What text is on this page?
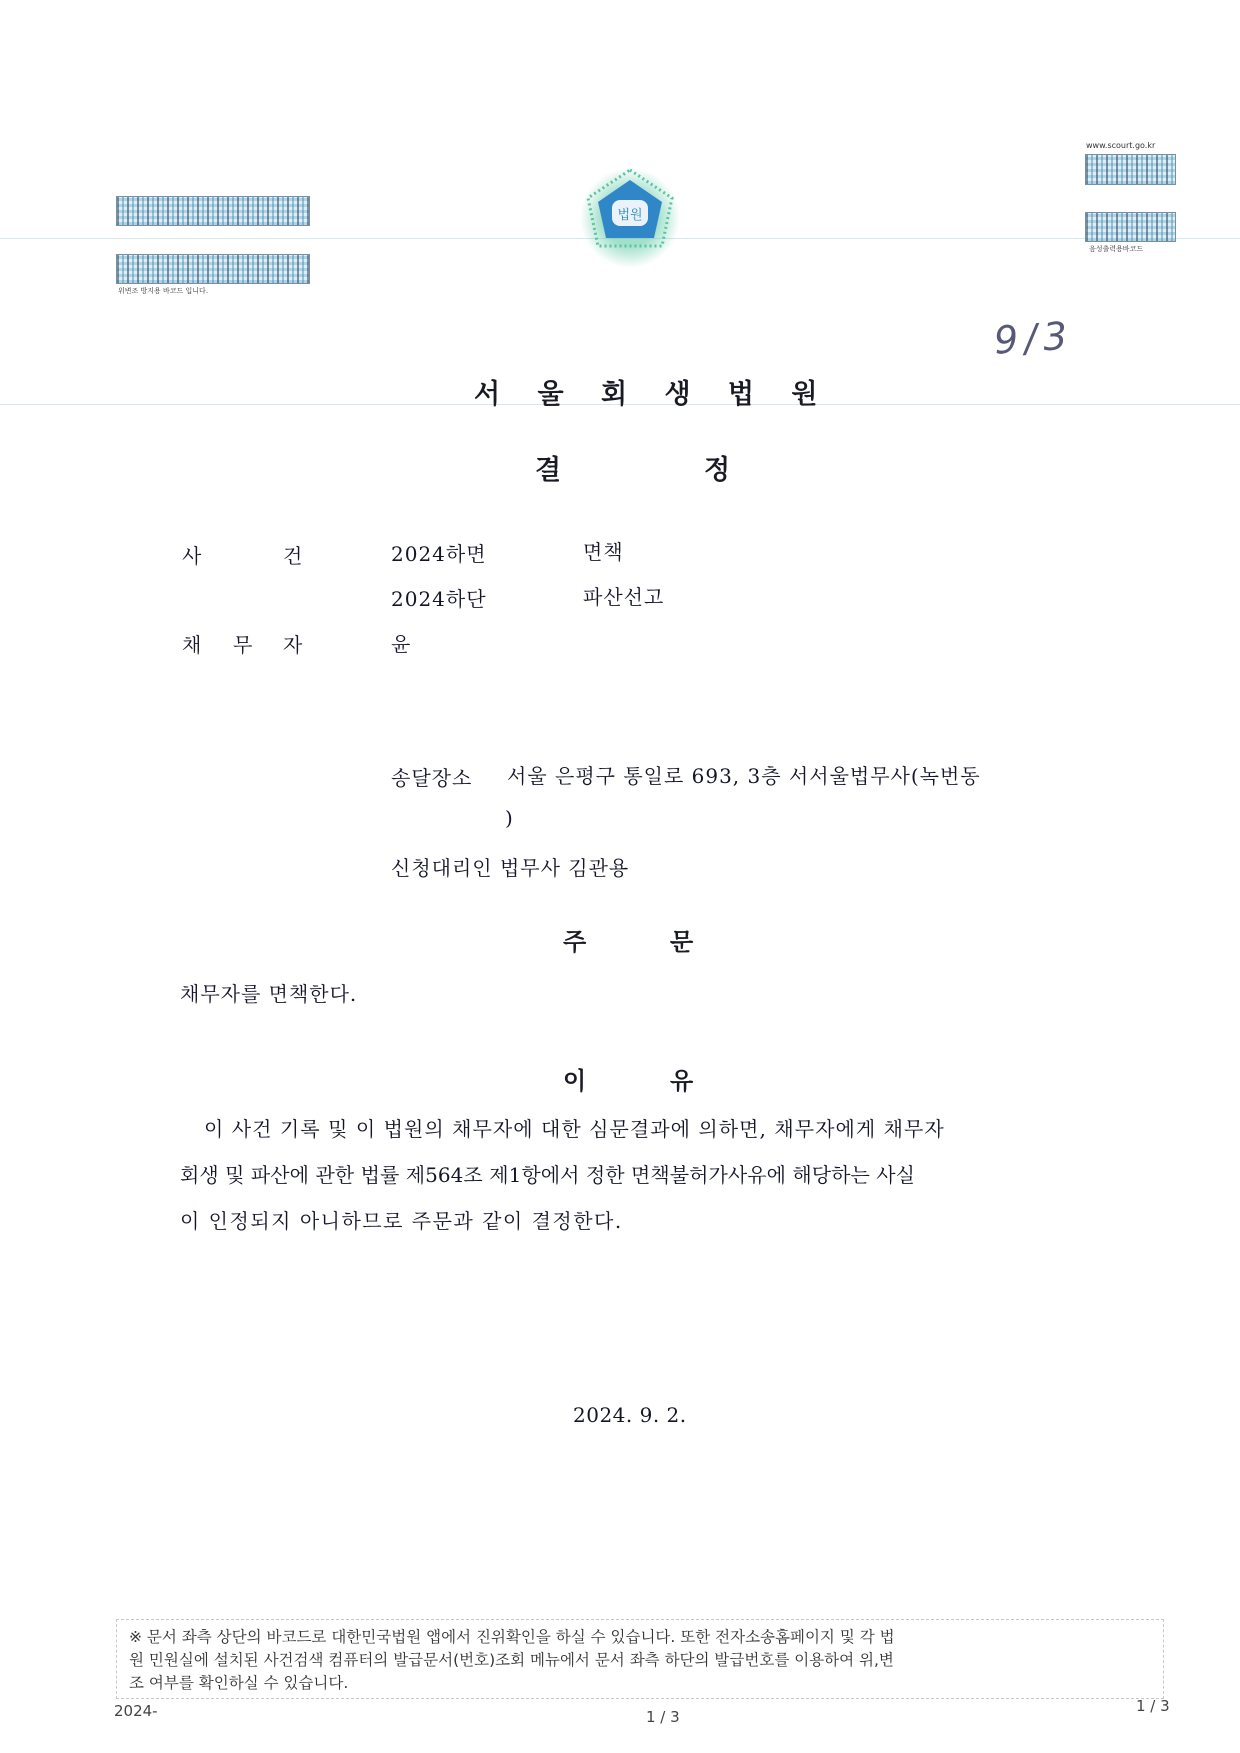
위변조 방지용 바코드 입니다.
www.scourt.go.kr
음성출력용바코드
법원
9/3
서 울 회 생 법 원
결	정
사	건	2024하면	면책
2024하단	파산선고
채 무 자	윤
송달장소 서울 은평구 통일로 693, 3층 서서울법무사(녹번동
)
신청대리인 법무사 김관용
주	문
채무자를 면책한다.
이	유
이 사건 기록 및 이 법원의 채무자에 대한 심문결과에 의하면, 채무자에게 채무자
회생 및 파산에 관한 법률 제564조 제1항에서 정한 면책불허가사유에 해당하는 사실
이 인정되지 아니하므로 주문과 같이 결정한다.
2024. 9. 2.
※ 문서 좌측 상단의 바코드로 대한민국법원 앱에서 진위확인을 하실 수 있습니다. 또한 전자소송홈페이지 및 각 법
원 민원실에 설치된 사건검색 컴퓨터의 발급문서(번호)조회 메뉴에서 문서 좌측 하단의 발급번호를 이용하여 위,변
조 여부를 확인하실 수 있습니다.
2024-	1 / 3
1 / 3
